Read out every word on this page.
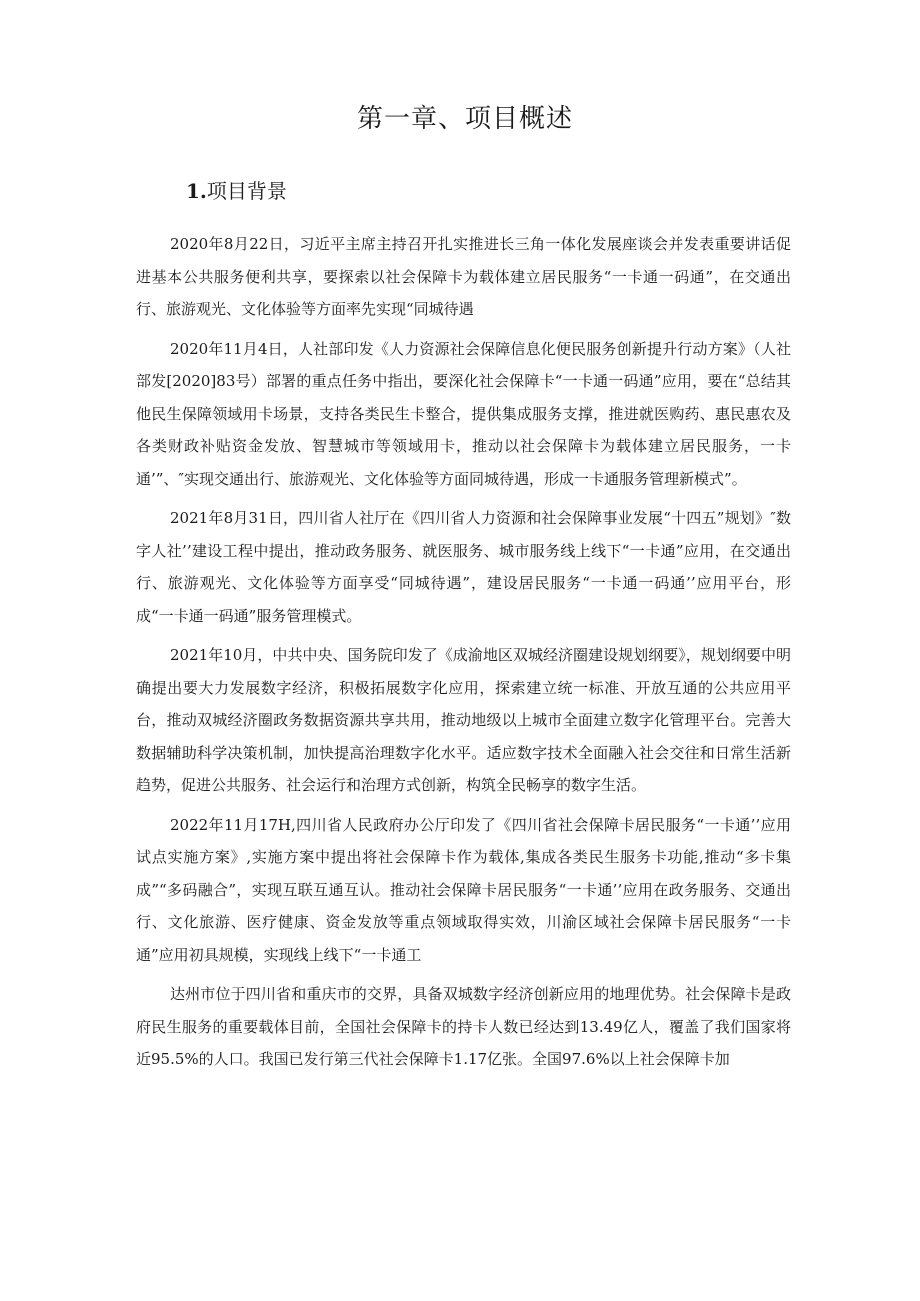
第一章、项目概述
1.项目背景

2020年8月22日，习近平主席主持召开扎实推进长三角一体化发展座谈会并发表重要讲话促进基本公共服务便利共享，要探索以社会保障卡为载体建立居民服务“一卡通一码通”，在交通出行、旅游观光、文化体验等方面率先实现“同城待遇

2020年11月4日，人社部印发《人力资源社会保障信息化便民服务创新提升行动方案》（人社部发[2020]83号）部署的重点任务中指出，要深化社会保障卡“一卡通一码通”应用，要在“总结其他民生保障领域用卡场景，支持各类民生卡整合，提供集成服务支撑，推进就医购药、惠民惠农及各类财政补贴资金发放、智慧城市等领域用卡，推动以社会保障卡为载体建立居民服务，一卡通’”、″实现交通出行、旅游观光、文化体验等方面同城待遇，形成一卡通服务管理新模式”。

2021年8月31日，四川省人社厅在《四川省人力资源和社会保障事业发展“十四五”规划》″数字人社’’建设工程中提出，推动政务服务、就医服务、城市服务线上线下“一卡通”应用，在交通出行、旅游观光、文化体验等方面享受“同城待遇”，建设居民服务“一卡通一码通’’应用平台，形成“一卡通一码通”服务管理模式。

2021年10月，中共中央、国务院印发了《成渝地区双城经济圈建设规划纲要》，规划纲要中明确提出要大力发展数字经济，积极拓展数字化应用，探索建立统一标准、开放互通的公共应用平台，推动双城经济圈政务数据资源共享共用，推动地级以上城市全面建立数字化管理平台。完善大数据辅助科学决策机制，加快提高治理数字化水平。适应数字技术全面融入社会交往和日常生活新趋势，促进公共服务、社会运行和治理方式创新，构筑全民畅享的数字生活。

2022年11月17H,四川省人民政府办公厅印发了《四川省社会保障卡居民服务“一卡通’’应用试点实施方案》,实施方案中提出将社会保障卡作为载体,集成各类民生服务卡功能,推动“多卡集成”“多码融合”，实现互联互通互认。推动社会保障卡居民服务“一卡通’’应用在政务服务、交通出行、文化旅游、医疗健康、资金发放等重点领域取得实效，川渝区域社会保障卡居民服务“一卡通”应用初具规模，实现线上线下“一卡通工

达州市位于四川省和重庆市的交界，具备双城数字经济创新应用的地理优势。社会保障卡是政府民生服务的重要载体目前，全国社会保障卡的持卡人数已经达到13.49亿人，覆盖了我们国家将近95.5%的人口。我国已发行第三代社会保障卡1.17亿张。全国97.6%以上社会保障卡加
